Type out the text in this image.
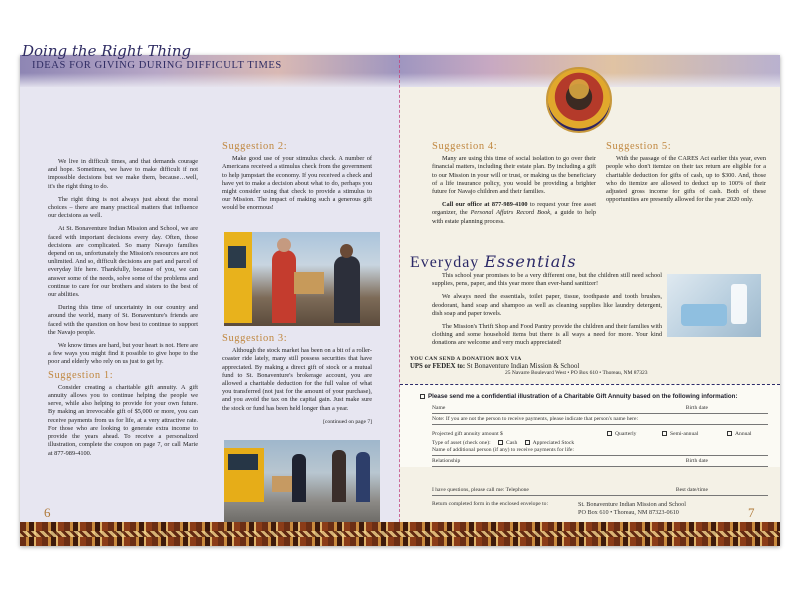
Doing the Right Thing
IDEAS FOR GIVING DURING DIFFICULT TIMES

We live in difficult times, and that demands courage and hope. Sometimes, we have to make difficult if not impossible decisions but we make them, because…well, it's the right thing to do.

The right thing is not always just about the moral choices – there are many practical matters that influence our decisions as well.

At St. Bonaventure Indian Mission and School, we are faced with important decisions every day. Often, those decisions are complicated. So many Navajo families depend on us, unfortunately the Mission's resources are not unlimited. And so, difficult decisions are part and parcel of everyday life here. Thankfully, because of you, we can answer some of the needs, solve some of the problems and continue to care for our brothers and sisters to the best of our abilities.

During this time of uncertainty in our country and around the world, many of St. Bonaventure's friends are faced with the question on how best to continue to support the Navajo people.

We know times are hard, but your heart is not. Here are a few ways you might find it possible to give hope to the poor and elderly who rely on us just to get by.

Suggestion 1:

Consider creating a charitable gift annuity. A gift annuity allows you to continue helping the people we serve, while also helping to provide for your own future. By making an irrevocable gift of $5,000 or more, you can receive payments from us for life, at a very attractive rate. For those who are looking to generate extra income to provide the years ahead. To receive a personalized illustration, complete the coupon on page 7, or call Marie at 877-989-4100.

Suggestion 2:

Make good use of your stimulus check. A number of Americans received a stimulus check from the government to help jumpstart the economy. If you received a check and have yet to make a decision about what to do, perhaps you might consider using that check to provide a stimulus to our Mission. The impact of making such a generous gift would be enormous!

Suggestion 3:

Although the stock market has been on a bit of a roller-coaster ride lately, many still possess securities that have appreciated. By making a direct gift of stock or a mutual fund to St. Bonaventure's brokerage account, you are allowed a charitable deduction for the full value of what you transferred (not just for the amount of your purchase), and you avoid the tax on the capital gain. Just make sure the stock or fund has been held longer than a year.

[continued on page 7]

6
Suggestion 4:

Many are using this time of social isolation to go over their financial matters, including their estate plan. By including a gift to our Mission in your will or trust, or making us the beneficiary of a life insurance policy, you would be providing a brighter future for Navajo children and their families.

Call our office at 877-989-4100 to request your free asset organizer, the Personal Affairs Record Book, a guide to help with estate planning process.

Suggestion 5:

With the passage of the CARES Act earlier this year, even people who don't itemize on their tax return are eligible for a charitable deduction for gifts of cash, up to $300. And, those who do itemize are allowed to deduct up to 100% of their adjusted gross income for gifts of cash. Both of these opportunities are presently allowed for the year 2020 only.

Everyday Essentials

This school year promises to be a very different one, but the children still need school supplies, pens, paper, and this year more than ever-hand sanitizer!

We always need the essentials, toilet paper, tissue, toothpaste and tooth brushes, deodorant, hand soap and shampoo as well as cleaning supplies like laundry detergent, dish soap and paper towels.

The Mission's Thrift Shop and Food Pantry provide the children and their families with clothing and some household items but there is all ways a need for more. Your kind donations are welcome and very much appreciated!

YOU CAN SEND A DONATION BOX VIA
UPS or FEDEX to: St Bonaventure Indian Mission & School
25 Navarre Boulevard West • PO Box 610 • Thoreau, NM 87323
Please send me a confidential illustration of a Charitable Gift Annuity based on the following information:
Name	Birth date
Note: If you are not the person to receive payments, please indicate that person's name here:
Projected gift annuity amount $	Quarterly	Semi-annual	Annual
Type of asset (check one):	Cash	Appreciated Stock
Name of additional person (if any) to receive payments for life:
Relationship	Birth date
I have questions, please call me: Telephone	Best date/time
Return completed form in the enclosed envelope to:	St. Bonaventure Indian Mission and School
PO Box 610 • Thoreau, NM 87323-0610	7
